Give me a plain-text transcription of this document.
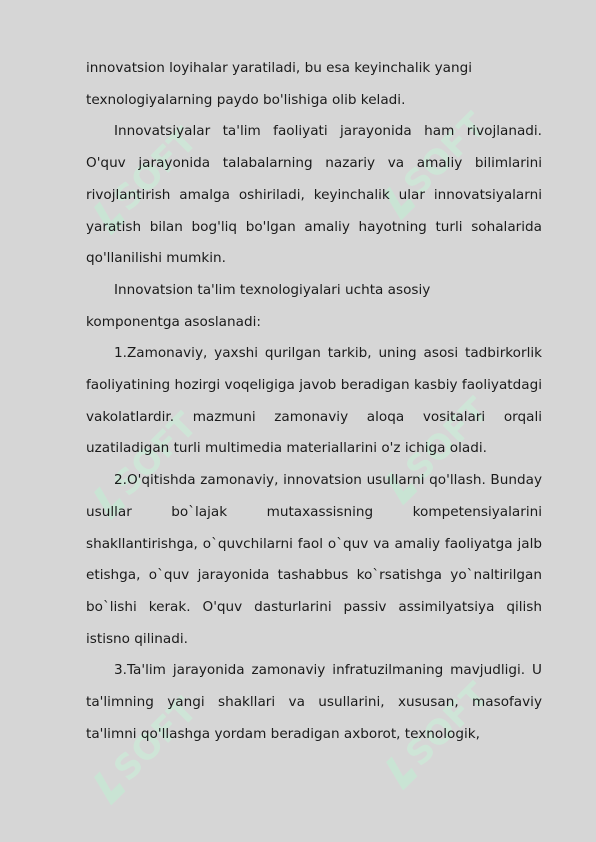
SOFT	SOFT
SOFT	SOFT
SOFT	SOFT

innovatsion loyihalar yaratiladi, bu esa keyinchalik yangi texnologiyalarning paydo bo'lishiga olib keladi.

Innovatsiyalar ta'lim faoliyati jarayonida ham rivojlanadi. O'quv jarayonida talabalarning nazariy va amaliy bilimlarini rivojlantirish amalga oshiriladi, keyinchalik ular innovatsiyalarni yaratish bilan bog'liq bo'lgan amaliy hayotning turli sohalarida qo'llanilishi mumkin.

Innovatsion ta'lim texnologiyalari uchta asosiy komponentga asoslanadi:

1.Zamonaviy, yaxshi qurilgan tarkib, uning asosi tadbirkorlik faoliyatining hozirgi voqeligiga javob beradigan kasbiy faoliyatdagi vakolatlardir. mazmuni zamonaviy aloqa vositalari orqali uzatiladigan turli multimedia materiallarini o'z ichiga oladi.

2.O'qitishda zamonaviy, innovatsion usullarni qo'llash. Bunday usullar bo`lajak mutaxassisning kompetensiyalarini shakllantirishga, o`quvchilarni faol o`quv va amaliy faoliyatga jalb etishga, o`quv jarayonida tashabbus ko`rsatishga yo`naltirilgan bo`lishi kerak. O'quv dasturlarini passiv assimilyatsiya qilish istisno qilinadi.

3.Ta'lim jarayonida zamonaviy infratuzilmaning mavjudligi. U ta'limning yangi shakllari va usullarini, xususan, masofaviy ta'limni qo'llashga yordam beradigan axborot, texnologik,
